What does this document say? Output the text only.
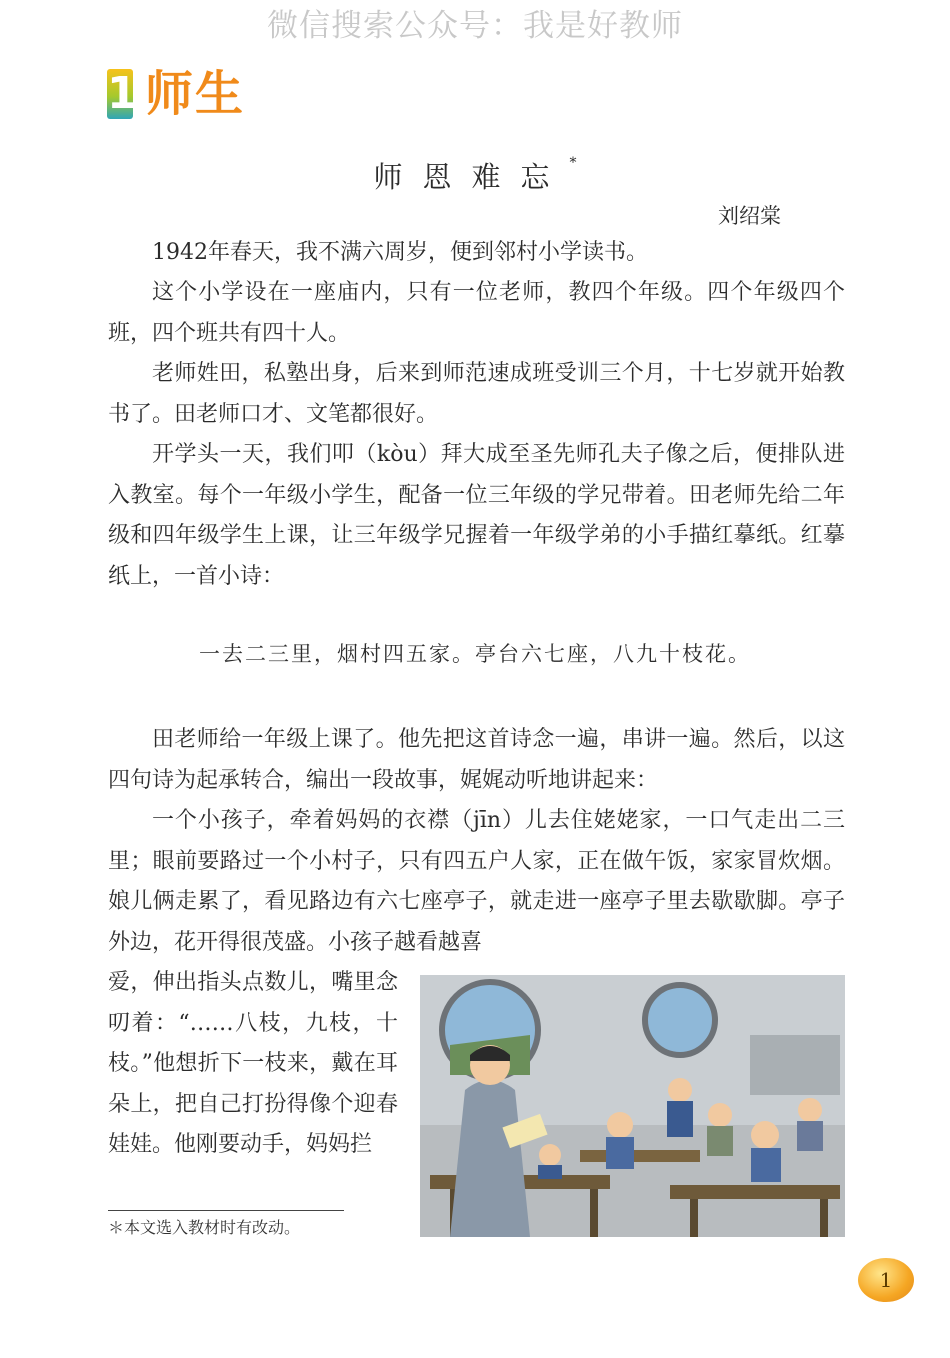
微信搜索公众号：我是好教师
1 师生
师恩难忘*
刘绍棠

1942年春天，我不满六周岁，便到邻村小学读书。

这个小学设在一座庙内，只有一位老师，教四个年级。四个年级四个班，四个班共有四十人。

老师姓田，私塾出身，后来到师范速成班受训三个月，十七岁就开始教书了。田老师口才、文笔都很好。

开学头一天，我们叩（kòu）拜大成至圣先师孔夫子像之后，便排队进入教室。每个一年级小学生，配备一位三年级的学兄带着。田老师先给二年级和四年级学生上课，让三年级学兄握着一年级学弟的小手描红摹纸。红摹纸上，一首小诗：

一去二三里，烟村四五家。亭台六七座，八九十枝花。

田老师给一年级上课了。他先把这首诗念一遍，串讲一遍。然后，以这四句诗为起承转合，编出一段故事，娓娓动听地讲起来：

一个小孩子，牵着妈妈的衣襟（jīn）儿去住姥姥家，一口气走出二三里；眼前要路过一个小村子，只有四五户人家，正在做午饭，家家冒炊烟。娘儿俩走累了，看见路边有六七座亭子，就走进一座亭子里去歇歇脚。亭子外边，花开得很茂盛。小孩子越看越喜

爱，伸出指头点数儿，嘴里念叨着：“……八枝，九枝，十枝。”他想折下一枝来，戴在耳朵上，把自己打扮得像个迎春娃娃。他刚要动手，妈妈拦

＊本文选入教材时有改动。
1
